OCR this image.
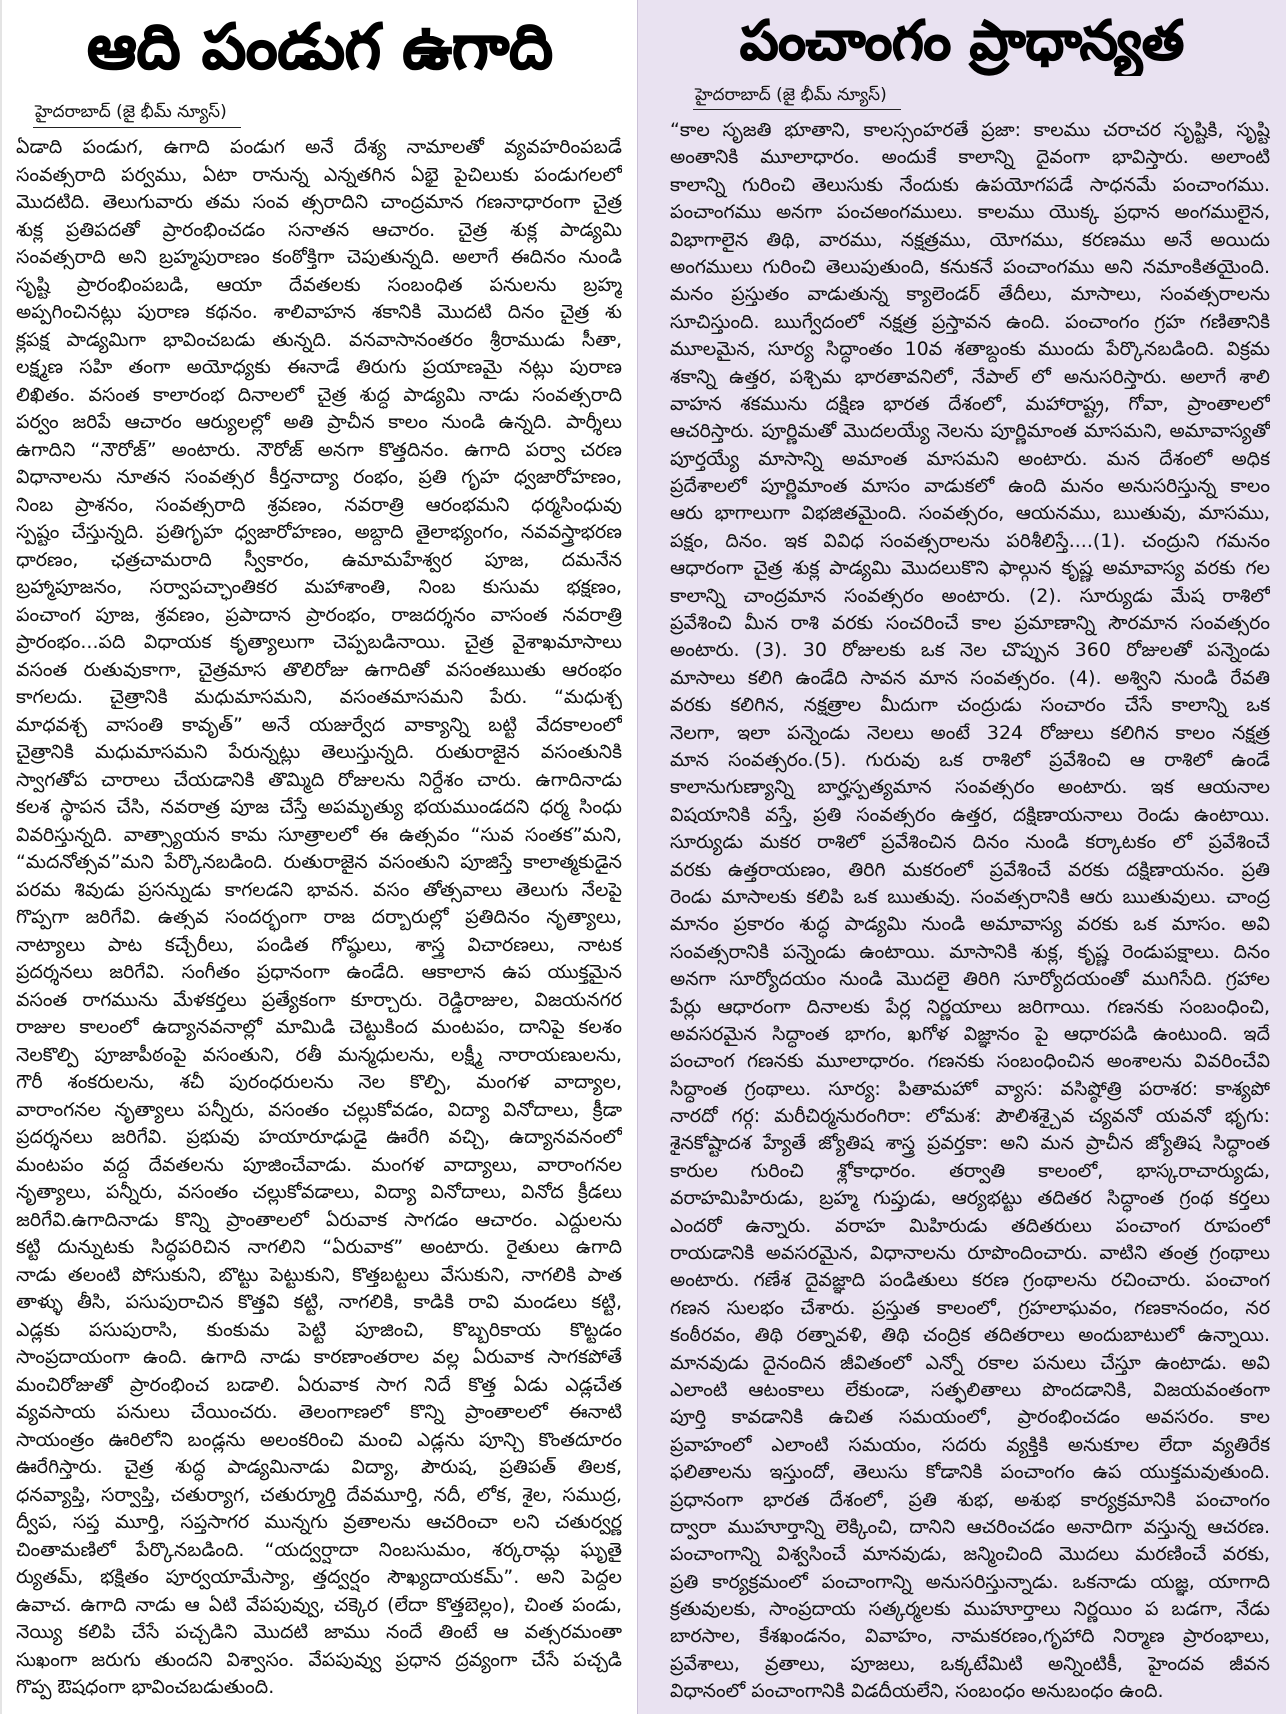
ఆది పండుగ ఉగాది
హైదరాబాద్ (జై భీమ్ న్యూస్)
ఏడాది పండుగ, ఉగాది పండుగ అనే దేశ్య నామాలతో వ్యవహరింపబడే
సంవత్సరాది పర్వము, ఏటా రానున్న ఎన్నతగిన ఏభై పైచిలుకు పండుగలలో
మొదటిది. తెలుగువారు తమ సంవ త్సరాదిని చాంద్రమాన గణనాధారంగా చైత్ర
శుక్ల ప్రతిపదతో ప్రారంభించడం సనాతన ఆచారం. చైత్ర శుక్ల పాడ్యమి
సంవత్సరాది అని బ్రహ్మపురాణం కంఠోక్తిగా చెపుతున్నది. అలాగే ఈదినం నుండి
సృష్టి ప్రారంభింపబడి, ఆయా దేవతలకు సంబంధిత పనులను బ్రహ్మ
అప్పగించినట్లు పురాణ కథనం. శాలివాహన శకానికి మొదటి దినం చైత్ర శు
క్లపక్ష పాడ్యమిగా భావించబడు తున్నది. వనవాసానంతరం శ్రీరాముడు సీతా,
లక్ష్మణ సహి తంగా అయోధ్యకు ఈనాడే తిరుగు ప్రయాణమై నట్లు పురాణ
లిఖితం. వసంత కాలారంభ దినాలలో చైత్ర శుద్ధ పాడ్యమి నాడు సంవత్సరాది
పర్వం జరిపే ఆచారం ఆర్యులల్లో అతి ప్రాచీన కాలం నుండి ఉన్నది. పార్శీలు
ఉగాదిని “నౌరోజ్” అంటారు. నౌరోజ్ అనగా కొత్తదినం. ఉగాది పర్వా చరణ
విధానాలను నూతన సంవత్సర కీర్తనాద్యా రంభం, ప్రతి గృహ ధ్వజారోహణం,
నింబ ప్రాశనం, సంవత్సరాది శ్రవణం, నవరాత్రి ఆరంభమని ధర్మసింధువు
స్పష్టం చేస్తున్నది. ప్రతిగృహ ధ్వజారోహణం, అబ్దాది తైలాభ్యంగం, నవవస్త్రాభరణ
ధారణం, ఛత్రచామరాది స్వీకారం, ఉమామహేశ్వర పూజ, దమనేన
బ్రహ్మాపూజనం, సర్వాపచ్ఛాంతికర మహాశాంతి, నింబ కుసుమ భక్షణం,
పంచాంగ పూజ, శ్రవణం, ప్రపాదాన ప్రారంభం, రాజదర్శనం వాసంత నవరాత్రి
ప్రారంభం...పది విధాయక కృత్యాలుగా చెప్పబడినాయి. చైత్ర వైశాఖమాసాలు
వసంత రుతువుకాగా, చైత్రమాస తొలిరోజు ఉగాదితో వసంతఋతు ఆరంభం
కాగలదు. చైత్రానికి మధుమాసమని, వసంతమాసమని పేరు. “మధుశ్చ
మాధవశ్చ వాసంతి కావృత్” అనే యజుర్వేద వాక్యాన్ని బట్టి వేదకాలంలో
చైత్రానికి మధుమాసమని పేరున్నట్లు తెలుస్తున్నది. రుతురాజైన వసంతునికి
స్వాగతోప చారాలు చేయడానికి తొమ్మిది రోజులను నిర్దేశం చారు. ఉగాదినాడు
కలశ స్థాపన చేసి, నవరాత్ర పూజ చేస్తే అపమృత్యు భయముండదని ధర్మ సింధు
వివరిస్తున్నది. వాత్స్యాయన కామ సూత్రాలలో ఈ ఉత్సవం “సువ సంతక”మని,
“మదనోత్సవ”మని పేర్కొనబడింది. రుతురాజైన వసంతుని పూజిస్తే కాలాత్మకుడైన
పరమ శివుడు ప్రసన్నుడు కాగలడని భావన. వసం తోత్సవాలు తెలుగు నేలపై
గొప్పగా జరిగేవి. ఉత్సవ సందర్భంగా రాజ దర్బారుల్లో ప్రతిదినం నృత్యాలు,
నాట్యాలు పాట కచ్చేరీలు, పండిత గోష్ఠులు, శాస్త్ర విచారణలు, నాటక
ప్రదర్శనలు జరిగేవి. సంగీతం ప్రధానంగా ఉండేది. ఆకాలాన ఉప యుక్తమైన
వసంత రాగమును మేళకర్తలు ప్రత్యేకంగా కూర్చారు. రెడ్డిరాజుల, విజయనగర
రాజుల కాలంలో ఉద్యానవనాల్లో మామిడి చెట్టుకింద మంటపం, దానిపై కలశం
నెలకొల్పి పూజాపీఠంపై వసంతుని, రతీ మన్మధులను, లక్ష్మీ నారాయణులను,
గౌరీ శంకరులను, శచీ పురంధరులను నెల కొల్పి, మంగళ వాద్యాల,
వారాంగనల నృత్యాలు పన్నీరు, వసంతం చల్లుకోవడం, విద్యా వినోదాలు, క్రీడా
ప్రదర్శనలు జరిగేవి. ప్రభువు హయారూఢుడై ఊరేగి వచ్చి, ఉద్యానవనంలో
మంటపం వద్ద దేవతలను పూజించేవాడు. మంగళ వాద్యాలు, వారాంగనల
నృత్యాలు, పన్నీరు, వసంతం చల్లుకోవడాలు, విద్యా వినోదాలు, వినోద క్రీడలు
జరిగేవి.ఉగాదినాడు కొన్ని ప్రాంతాలలో ఏరువాక సాగడం ఆచారం. ఎద్దులను
కట్టి దున్నుటకు సిద్ధపరిచిన నాగలిని “ఏరువాక” అంటారు. రైతులు ఉగాది
నాడు తలంటి పోసుకుని, బొట్టు పెట్టుకుని, కొత్తబట్టలు వేసుకుని, నాగలికి పాత
తాళ్ళు తీసి, పసుపురాచిన కొత్తవి కట్టి, నాగలికి, కాడికి రావి మండలు కట్టి,
ఎడ్లకు పసుపురాసి, కుంకుమ పెట్టి పూజించి, కొబ్బరికాయ కొట్టడం
సాంప్రదాయంగా ఉంది. ఉగాది నాడు కారణాంతరాల వల్ల ఏరువాక సాగకపోతే
మంచిరోజుతో ప్రారంభించ బడాలి. ఏరువాక సాగ నిదే కొత్త ఏడు ఎడ్లచేత
వ్యవసాయ పనులు చేయించరు. తెలంగాణలో కొన్ని ప్రాంతాలలో ఈనాటి
సాయంత్రం ఊరిలోని బండ్లను అలంకరించి మంచి ఎడ్లను పూన్చి కొంతదూరం
ఊరేగిస్తారు. చైత్ర శుద్ధ పాడ్యమినాడు విద్యా, పౌరుష, ప్రతిపత్ తిలక,
ధనవ్యాప్తి, సర్వాప్తి, చతుర్యాగ, చతుర్మూర్తి దేవమూర్తి, నదీ, లోక, శైల, సముద్ర,
ద్వీప, సప్త మూర్తి, సప్తసాగర మున్నగు వ్రతాలను ఆచరించా లని చతుర్వర్ణ
చింతామణిలో పేర్కొనబడింది. “యద్వర్షాదా నింబసుమం, శర్కరామ్ల ఘృతై
ర్యుతమ్, భక్షితం పూర్వయామేస్యా, త్తద్వర్షం సౌఖ్యదాయకమ్”. అని పెద్దల
ఉవాచ. ఉగాది నాడు ఆ ఏటి వేపపువ్వు, చక్కెర (లేదా కొత్తబెల్లం), చింత పండు,
నెయ్యి కలిపి చేసే పచ్చడిని మొదటి జాము నందే తింటే ఆ వత్సరమంతా
సుఖంగా జరుగు తుందని విశ్వాసం. వేపపువ్వు ప్రధాన ద్రవ్యంగా చేసే పచ్చడి
గొప్ప ఔషధంగా భావించబడుతుంది.
పంచాంగం ప్రాధాన్యత
హైదరాబాద్ (జై భీమ్ న్యూస్)
“కాల సృజతి భూతాని, కాలస్సంహరతే ప్రజా: కాలము చరాచర సృష్టికి, సృష్టి
అంతానికి మూలాధారం. అందుకే కాలాన్ని దైవంగా భావిస్తారు. అలాంటి
కాలాన్ని గురించి తెలుసుకు నేందుకు ఉపయోగపడే సాధనమే పంచాంగము.
పంచాంగము అనగా పంచఅంగములు. కాలము యొక్క ప్రధాన అంగములైన,
విభాగాలైన తిథి, వారము, నక్షత్రము, యోగము, కరణము అనే అయిదు
అంగములు గురించి తెలుపుతుంది, కనుకనే పంచాంగము అని నమాంకితయైంది.
మనం ప్రస్తుతం వాడుతున్న క్యాలెండర్ తేదీలు, మాసాలు, సంవత్సరాలను
సూచిస్తుంది. ఋగ్వేదంలో నక్షత్ర ప్రస్తావన ఉంది. పంచాంగం గ్రహ గణితానికి
మూలమైన, సూర్య సిద్ధాంతం 10వ శతాబ్దంకు ముందు పేర్కొనబడింది. విక్రమ
శకాన్ని ఉత్తర, పశ్చిమ భారతావనిలో, నేపాల్ లో అనుసరిస్తారు. అలాగే శాలి
వాహన శకమును దక్షిణ భారత దేశంలో, మహారాష్ట్ర, గోవా, ప్రాంతాలలో
ఆచరిస్తారు. పూర్ణిమతో మొదలయ్యే నెలను పూర్ణిమాంత మాసమని, అమావాస్యతో
పూర్తయ్యే మాసాన్ని అమాంత మాసమని అంటారు. మన దేశంలో అధిక
ప్రదేశాలలో పూర్ణిమాంత మాసం వాడుకలో ఉంది మనం అనుసరిస్తున్న కాలం
ఆరు భాగాలుగా విభజితమైంది. సంవత్సరం, ఆయనము, ఋతువు, మాసము,
పక్షం, దినం. ఇక వివిధ సంవత్సరాలను పరిశీలిస్తే....(1). చంద్రుని గమనం
ఆధారంగా చైత్ర శుక్ల పాడ్యమి మొదలుకొని ఫాల్గున కృష్ణ అమావాస్య వరకు గల
కాలాన్ని చాంద్రమాన సంవత్సరం అంటారు. (2). సూర్యుడు మేష రాశిలో
ప్రవేశించి మీన రాశి వరకు సంచరించే కాల ప్రమాణాన్ని సౌరమాన సంవత్సరం
అంటారు. (3). 30 రోజులకు ఒక నెల చొప్పున 360 రోజులతో పన్నెండు
మాసాలు కలిగి ఉండేది సావన మాన సంవత్సరం. (4). అశ్విని నుండి రేవతి
వరకు కలిగిన, నక్షత్రాల మీదుగా చంద్రుడు సంచారం చేసే కాలాన్ని ఒక
నెలగా, ఇలా పన్నెండు నెలలు అంటే 324 రోజులు కలిగిన కాలం నక్షత్ర
మాన సంవత్సరం.(5). గురువు ఒక రాశిలో ప్రవేశించి ఆ రాశిలో ఉండే
కాలానుగుణ్యాన్ని బార్హస్పత్యమాన సంవత్సరం అంటారు. ఇక ఆయనాల
విషయానికి వస్తే, ప్రతి సంవత్సరం ఉత్తర, దక్షిణాయనాలు రెండు ఉంటాయి.
సూర్యుడు మకర రాశిలో ప్రవేశించిన దినం నుండి కర్కాటకం లో ప్రవేశించే
వరకు ఉత్తరాయణం, తిరిగి మకరంలో ప్రవేశించే వరకు దక్షిణాయనం. ప్రతి
రెండు మాసాలకు కలిపి ఒక ఋతువు. సంవత్సరానికి ఆరు ఋతువులు. చాంద్ర
మానం ప్రకారం శుద్ధ పాడ్యమి నుండి అమావాస్య వరకు ఒక మాసం. అవి
సంవత్సరానికి పన్నెండు ఉంటాయి. మాసానికి శుక్ల, కృష్ణ రెండుపక్షాలు. దినం
అనగా సూర్యోదయం నుండి మొదలై తిరిగి సూర్యోదయంతో ముగిసేది. గ్రహాల
పేర్లు ఆధారంగా దినాలకు పేర్ల నిర్ణయాలు జరిగాయి. గణనకు సంబంధించి,
అవసరమైన సిద్ధాంత భాగం, ఖగోళ విజ్ఞానం పై ఆధారపడి ఉంటుంది. ఇదే
పంచాంగ గణనకు మూలాధారం. గణనకు సంబంధించిన అంశాలను వివరించేవి
సిద్ధాంత గ్రంథాలు. సూర్య: పితామహో వ్యాస: వసిష్ఠోత్రి పరాశర: కాశ్యపో
నారదో గర్గ: మరీచిర్మనురంగిరా: లోమశ: పౌలిశశ్చైవ చ్యవనో యవనో భృగు:
శైనకోష్టాదశ హ్యేతే జ్యోతిష శాస్త్ర ప్రవర్తకా: అని మన ప్రాచీన జ్యోతిష సిద్ధాంత
కారుల గురించి శ్లోకాధారం. తర్వాతి కాలంలో, భాస్కరాచార్యుడు,
వరాహమిహిరుడు, బ్రహ్మ గుప్తుడు, ఆర్యభట్టు తదితర సిద్ధాంత గ్రంథ కర్తలు
ఎందరో ఉన్నారు. వరాహ మిహిరుడు తదితరులు పంచాంగ రూపంలో
రాయడానికి అవసరమైన, విధానాలను రూపొందించారు. వాటిని తంత్ర గ్రంథాలు
అంటారు. గణేశ దైవజ్ఞాది పండితులు కరణ గ్రంథాలను రచించారు. పంచాంగ
గణన సులభం చేశారు. ప్రస్తుత కాలంలో, గ్రహలాఘవం, గణకానందం, నర
కంఠీరవం, తిథి రత్నావళి, తిథి చంద్రిక తదితరాలు అందుబాటులో ఉన్నాయి.
మానవుడు దైనందిన జీవితంలో ఎన్నో రకాల పనులు చేస్తూ ఉంటాడు. అవి
ఎలాంటి ఆటంకాలు లేకుండా, సత్ఫలితాలు పొందడానికి, విజయవంతంగా
పూర్తి కావడానికి ఉచిత సమయంలో, ప్రారంభించడం అవసరం. కాల
ప్రవాహంలో ఎలాంటి సమయం, సదరు వ్యక్తికి అనుకూల లేదా వ్యతిరేక
ఫలితాలను ఇస్తుందో, తెలుసు కోడానికి పంచాంగం ఉప యుక్తమవుతుంది.
ప్రధానంగా భారత దేశంలో, ప్రతి శుభ, అశుభ కార్యక్రమానికి పంచాంగం
ద్వారా ముహూర్తాన్ని లెక్కించి, దానిని ఆచరించడం అనాదిగా వస్తున్న ఆచరణ.
పంచాంగాన్ని విశ్వసించే మానవుడు, జన్మించింది మొదలు మరణించే వరకు,
ప్రతి కార్యక్రమంలో పంచాంగాన్ని అనుసరిస్తున్నాడు. ఒకనాడు యజ్ఞ, యాగాది
క్రతువులకు, సాంప్రదాయ సత్కర్మలకు ముహూర్తాలు నిర్ణయిం ప బడగా, నేడు
బారసాల, కేశఖండనం, వివాహం, నామకరణం,గృహాది నిర్మాణ ప్రారంభాలు,
ప్రవేశాలు, వ్రతాలు, పూజలు, ఒక్కటేమిటి అన్నింటికీ, హైందవ జీవన
విధానంలో పంచాంగానికి విడదీయలేని, సంబంధం అనుబంధం ఉంది.
